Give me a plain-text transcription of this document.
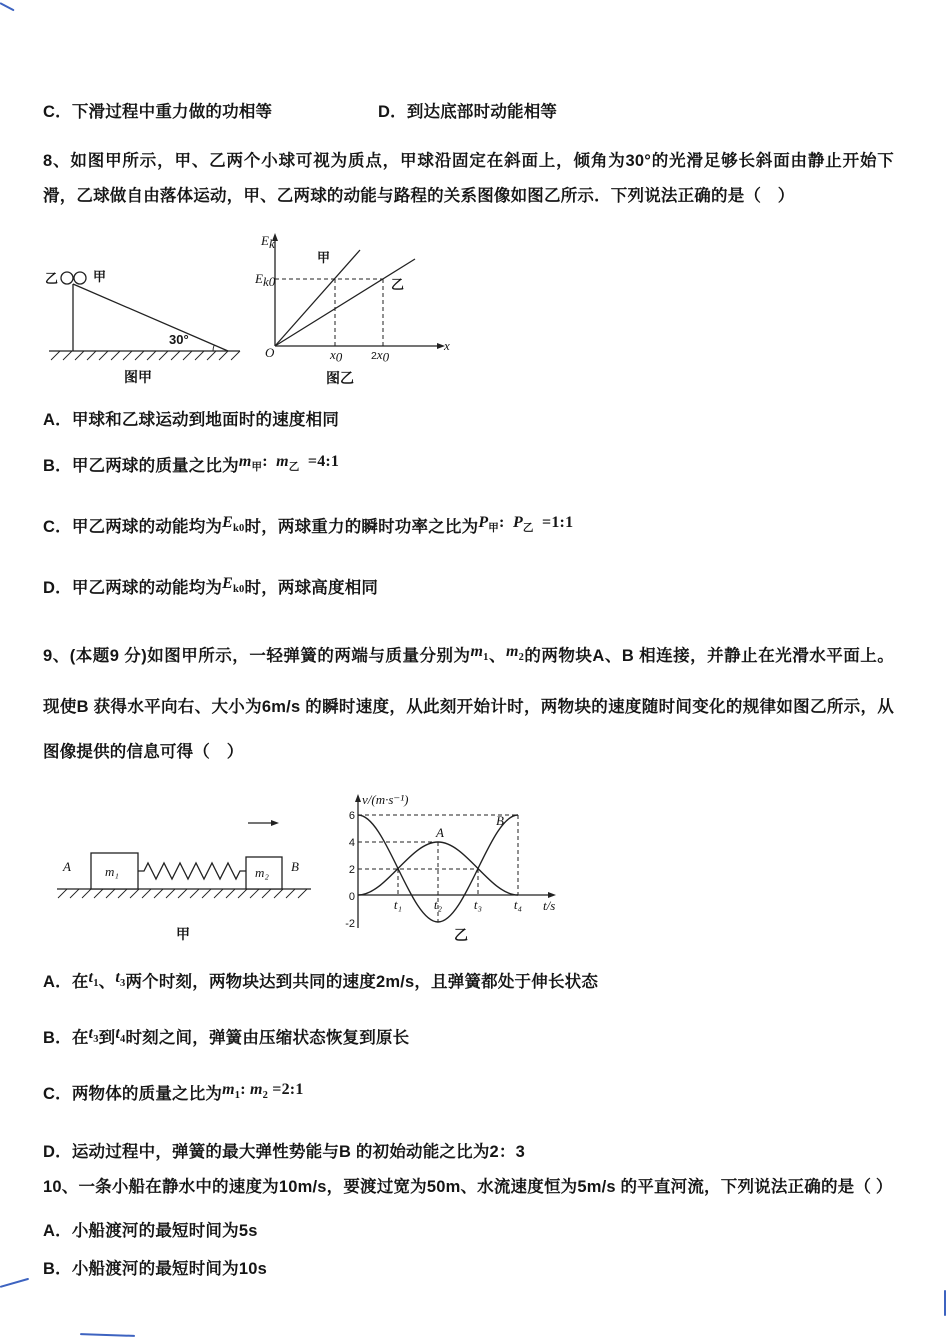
C．下滑过程中重力做的功相等	D．到达底部时动能相等

8、如图甲所示，甲、乙两个小球可视为质点，甲球沿固定在斜面上，倾角为30°的光滑足够长斜面由静止开始下滑，乙球做自由落体运动，甲、乙两球的动能与路程的关系图像如图乙所示．下列说法正确的是（　）

乙	甲
30°
图甲
Ek
Ek0
O
甲
乙
x0	2x0
x
图乙
A．甲球和乙球运动到地面时的速度相同
B．甲乙两球的质量之比为$m_甲$:  $m_乙$  =4:1
C．甲乙两球的动能均为$E_{k0}$时，两球重力的瞬时功率之比为$P_甲$:  $P_乙$  =1:1
D．甲乙两球的动能均为$E_{k0}$时，两球高度相同

9、(本题9 分)如图甲所示，一轻弹簧的两端与质量分别为$m_1$、$m_2$的两物块A、B 相连接，并静止在光滑水平面上。现使B 获得水平向右、大小为6m/s 的瞬时速度，从此刻开始计时，两物块的速度随时间变化的规律如图乙所示，从图像提供的信息可得（　）

A	m₁	m₂ B
甲
v/(m·s⁻¹)
6
4
2
0
-2
t₁ t₂ t₃ t₄ t/s
A
B
乙
A．在$t_1$、$t_3$两个时刻，两物块达到共同的速度2m/s，且弹簧都处于伸长状态
B．在$t_3$到$t_4$时刻之间，弹簧由压缩状态恢复到原长
C．两物体的质量之比为$m_1$: $m_2$ =2:1
D．运动过程中，弹簧的最大弹性势能与B 的初始动能之比为2：3

10、一条小船在静水中的速度为10m/s，要渡过宽为50m、水流速度恒为5m/s 的平直河流，下列说法正确的是（ ）

A．小船渡河的最短时间为5s
B．小船渡河的最短时间为10s
